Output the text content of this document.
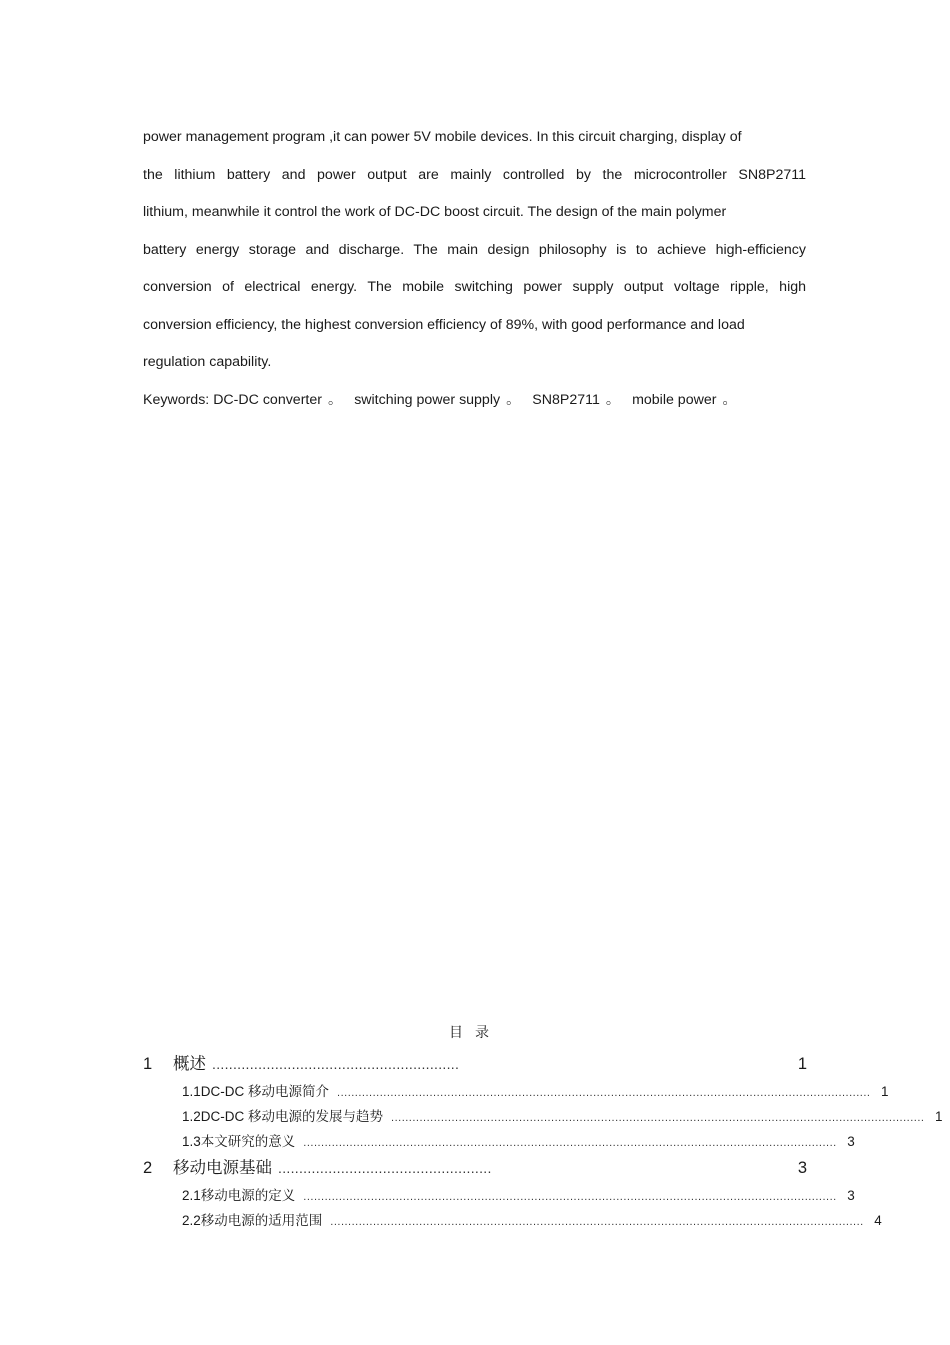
power management program ,it can power 5V mobile devices. In this circuit charging, display of
the lithium battery and power output are mainly controlled by the microcontroller SN8P2711
lithium, meanwhile it control the work of DC-DC boost circuit. The design of the main polymer
battery energy storage and discharge. The main design philosophy is to achieve high-efficiency
conversion of electrical energy. The mobile switching power supply output voltage ripple, high
conversion efficiency, the highest conversion efficiency of 89%, with good performance and load
regulation capability.
Keywords: DC-DC converter 。 switching power supply 。 SN8P2711 。 mobile power 。
目录
1	概述 ...........................................................	1
1.1 DC-DC 移动电源简介 ...................................................................................................................................................... 1
1.2 DC-DC 移动电源的发展与趋势 ...................................................................................................................................................... 1
1.3 本文研究的意义 ...................................................................................................................................................... 3
2	移动电源基础 ...................................................	3
2.1 移动电源的定义 ...................................................................................................................................................... 3
2.2 移动电源的适用范围 ...................................................................................................................................................... 4
